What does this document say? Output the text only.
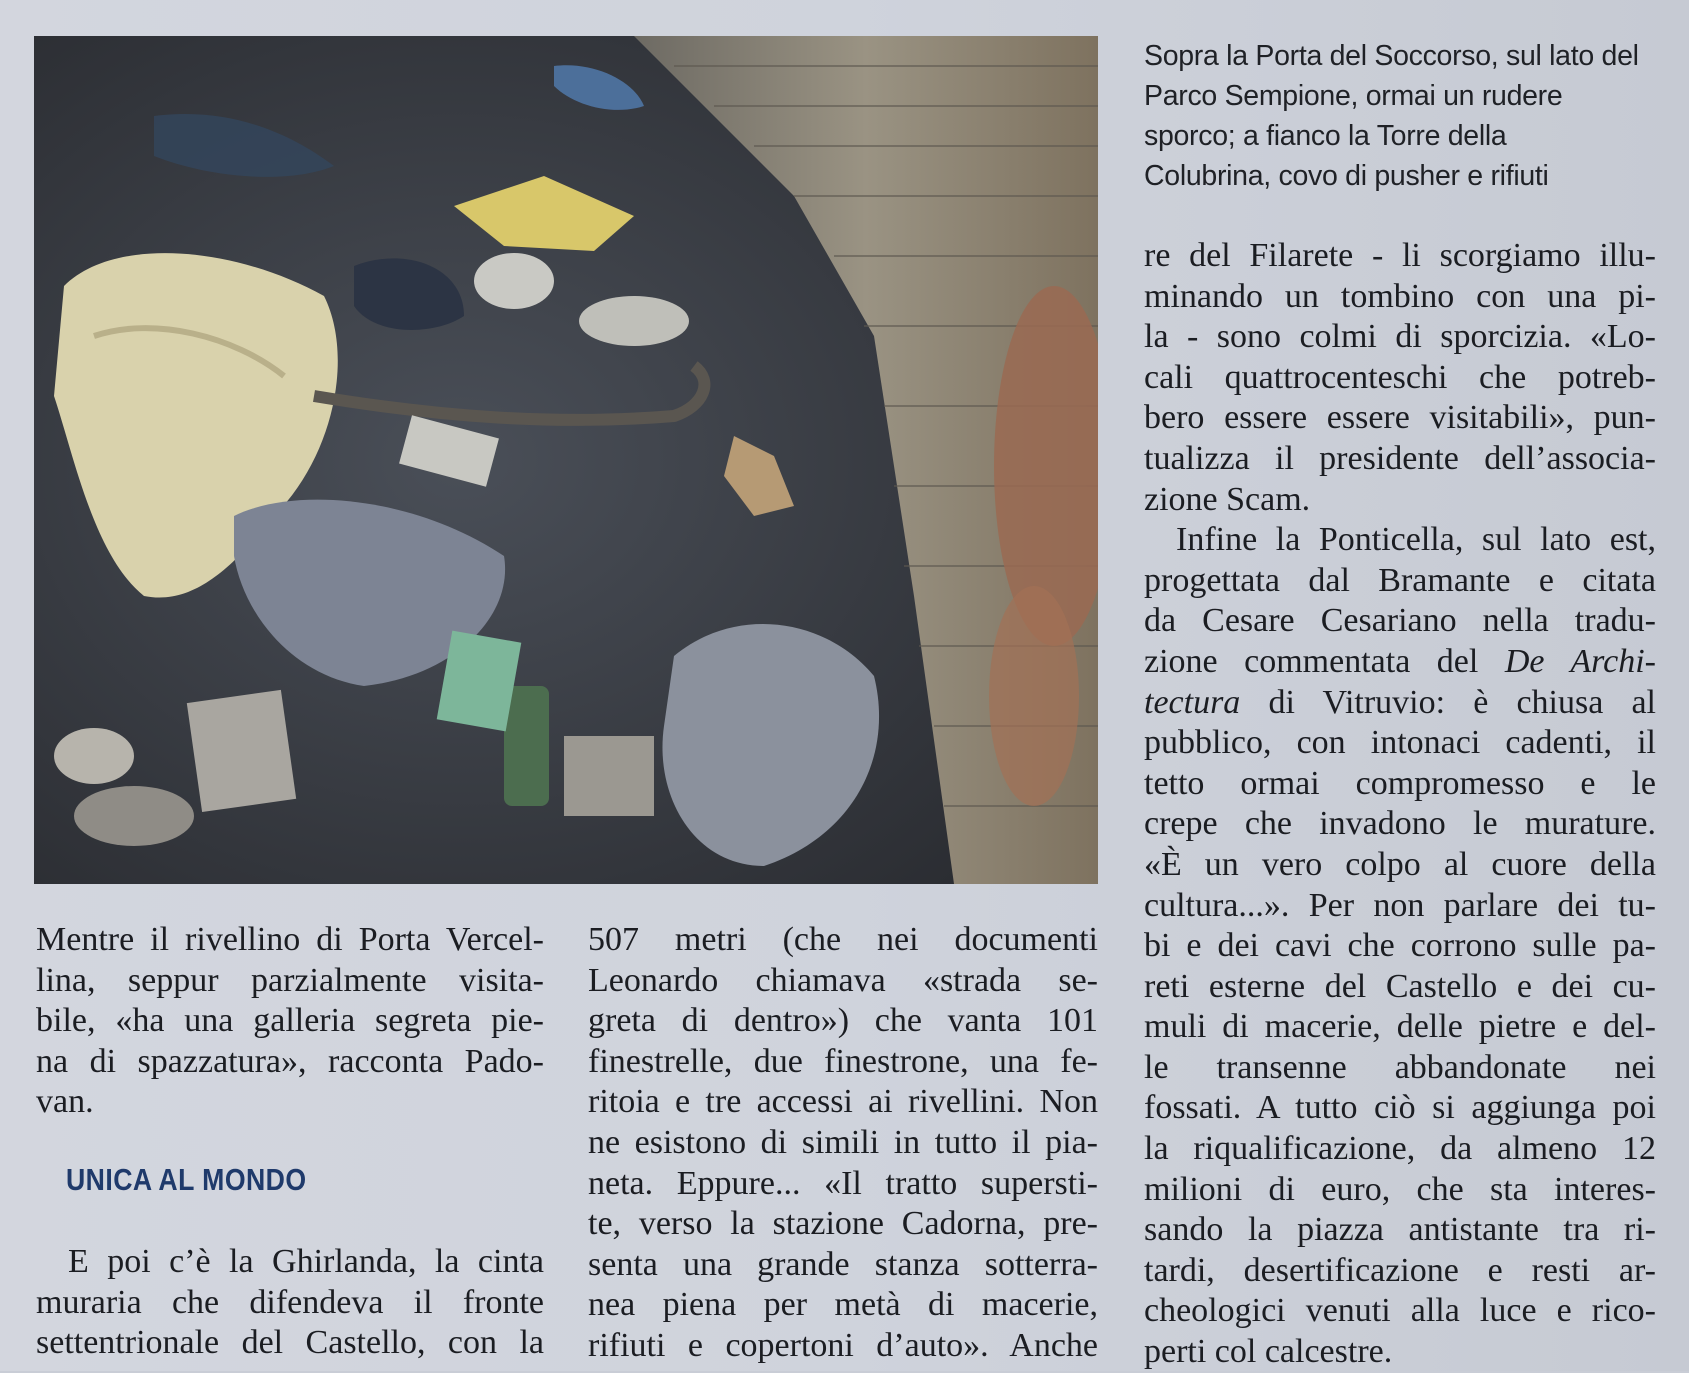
Sopra la Porta del Soccorso, sul lato del
Parco Sempione, ormai un rudere
sporco; a fianco la Torre della
Colubrina, covo di pusher e rifiuti
Mentre il rivellino di Porta Vercel-
lina, seppur parzialmente visita-
bile, «ha una galleria segreta pie-
na di spazzatura», racconta Pado-
van.
UNICA AL MONDO
E poi c’è la Ghirlanda, la cinta
muraria che difendeva il fronte
settentrionale del Castello, con la
507 metri (che nei documenti
Leonardo chiamava «strada se-
greta di dentro») che vanta 101
finestrelle, due finestrone, una fe-
ritoia e tre accessi ai rivellini. Non
ne esistono di simili in tutto il pia-
neta. Eppure... «Il tratto supersti-
te, verso la stazione Cadorna, pre-
senta una grande stanza sotterra-
nea piena per metà di macerie,
rifiuti e copertoni d’auto». Anche
re del Filarete - li scorgiamo illu-
minando un tombino con una pi-
la - sono colmi di sporcizia. «Lo-
cali quattrocenteschi che potreb-
bero essere essere visitabili», pun-
tualizza il presidente dell’associa-
zione Scam.
Infine la Ponticella, sul lato est,
progettata dal Bramante e citata
da Cesare Cesariano nella tradu-
zione commentata del De Archi-
tectura di Vitruvio: è chiusa al
pubblico, con intonaci cadenti, il
tetto ormai compromesso e le
crepe che invadono le murature.
«È un vero colpo al cuore della
cultura...». Per non parlare dei tu-
bi e dei cavi che corrono sulle pa-
reti esterne del Castello e dei cu-
muli di macerie, delle pietre e del-
le transenne abbandonate nei
fossati. A tutto ciò si aggiunga poi
la riqualificazione, da almeno 12
milioni di euro, che sta interes-
sando la piazza antistante tra ri-
tardi, desertificazione e resti ar-
cheologici venuti alla luce e rico-
perti col calcestre.
